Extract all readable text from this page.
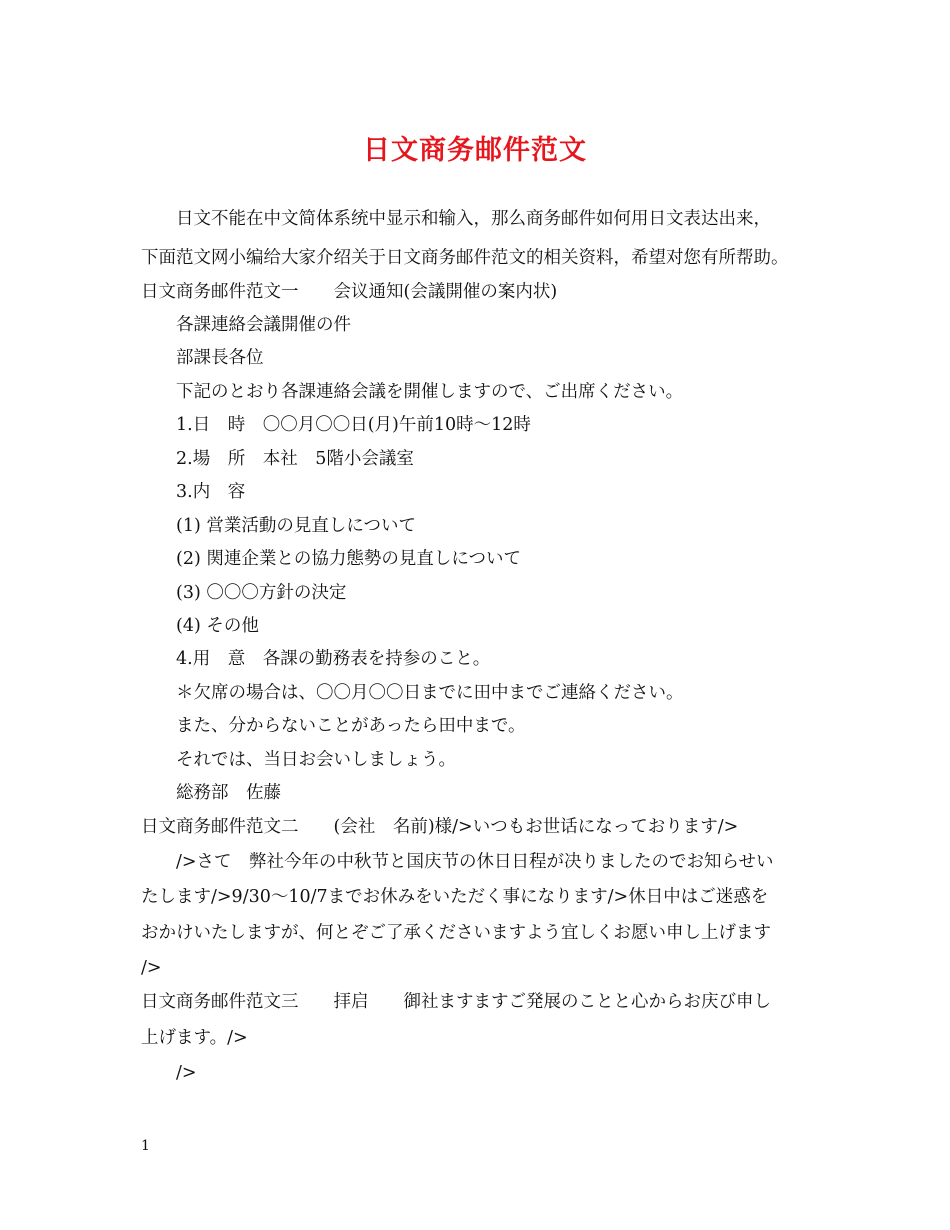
日文商务邮件范文
日文不能在中文简体系统中显示和输入，那么商务邮件如何用日文表达出来，
下面范文网小编给大家介绍关于日文商务邮件范文的相关资料，希望对您有所帮助。
日文商务邮件范文一　　会议通知(会議開催の案内状)
各課連絡会議開催の件
部課長各位
下記のとおり各課連絡会議を開催しますので、ご出席ください。
1.日　時　〇〇月〇〇日(月)午前10時～12時
2.場　所　本社　5階小会議室
3.内　容
(1) 営業活動の見直しについて
(2) 関連企業との協力態勢の見直しについて
(3) 〇〇〇方針の決定
(4) その他
4.用　意　各課の勤務表を持参のこと。
＊欠席の場合は、〇〇月〇〇日までに田中までご連絡ください。
また、分からないことがあったら田中まで。
それでは、当日お会いしましょう。
総務部　佐藤
日文商务邮件范文二　　(会社　名前)様/>いつもお世话になっております/>
/>さて　弊社今年の中秋节と国庆节の休日日程が决りましたのでお知らせい
たします/>9/30～10/7までお休みをいただく事になります/>休日中はご迷惑を
おかけいたしますが、何とぞご了承くださいますよう宜しくお愿い申し上げます
/>
日文商务邮件范文三　　拝启　　御社ますますご発展のことと心からお庆び申し
上げます。/>
/>
1
